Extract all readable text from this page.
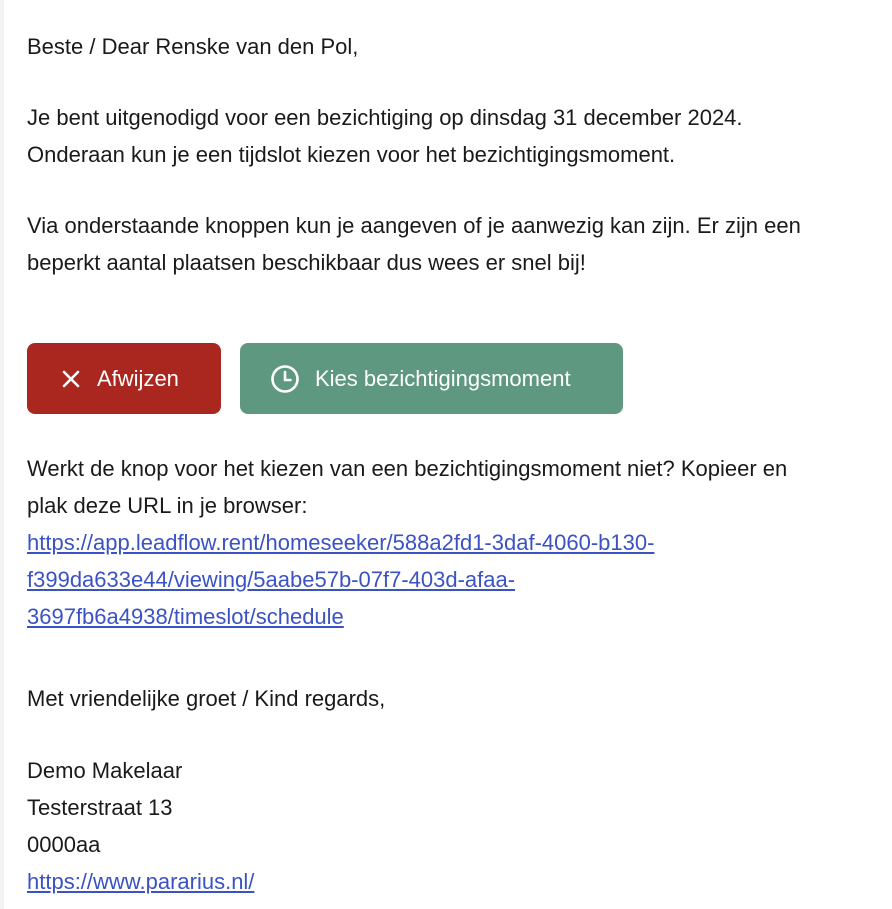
Beste / Dear Renske van den Pol,

Je bent uitgenodigd voor een bezichtiging op dinsdag 31 december 2024.

Onderaan kun je een tijdslot kiezen voor het bezichtigingsmoment.

Via onderstaande knoppen kun je aangeven of je aanwezig kan zijn. Er zijn een

beperkt aantal plaatsen beschikbaar dus wees er snel bij!

Afwijzen	Kies bezichtigingsmoment

Werkt de knop voor het kiezen van een bezichtigingsmoment niet? Kopieer en

plak deze URL in je browser:

https://app.leadflow.rent/homeseeker/588a2fd1-3daf-4060-b130-

f399da633e44/viewing/5aabe57b-07f7-403d-afaa-

3697fb6a4938/timeslot/schedule

Met vriendelijke groet / Kind regards,

Demo Makelaar

Testerstraat 13

0000aa

https://www.pararius.nl/
